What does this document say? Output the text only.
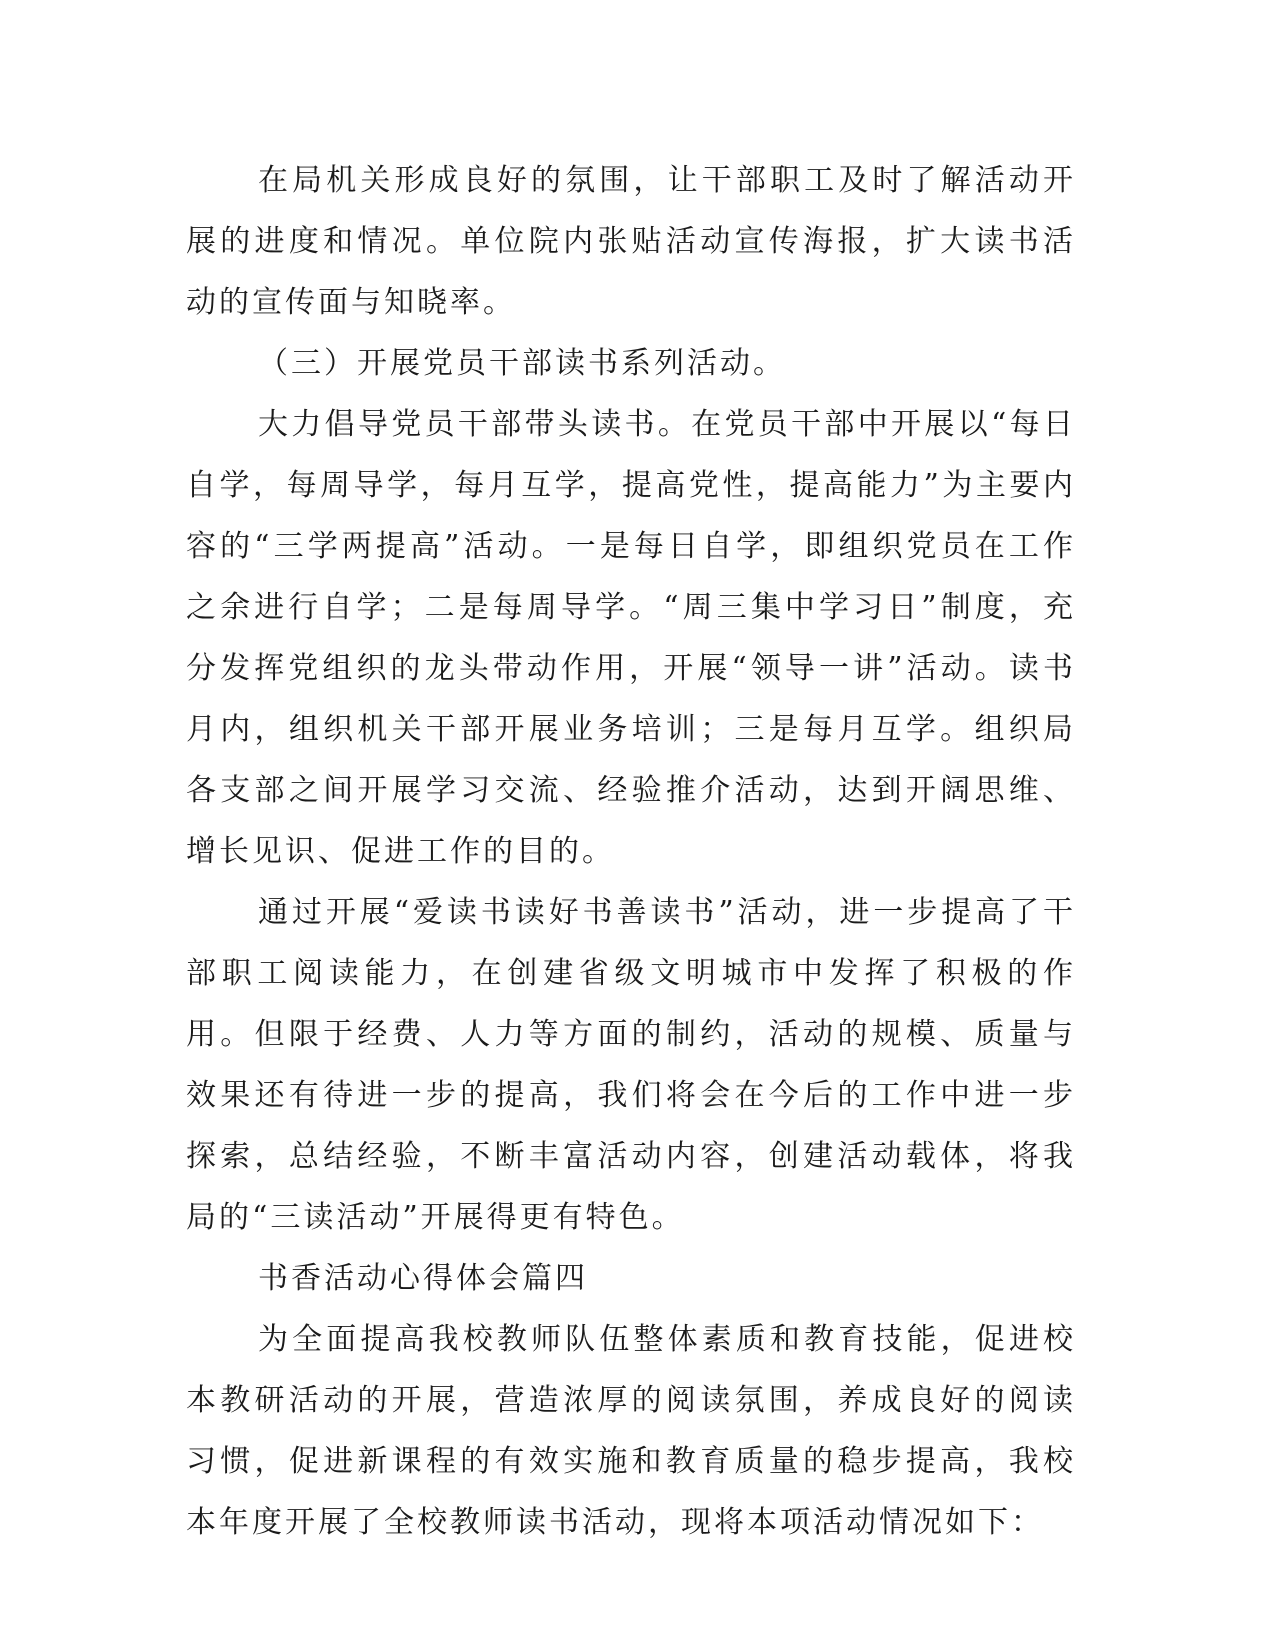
在局机关形成良好的氛围，让干部职工及时了解活动开展的进度和情况。单位院内张贴活动宣传海报，扩大读书活动的宣传面与知晓率。

（三）开展党员干部读书系列活动。

大力倡导党员干部带头读书。在党员干部中开展以“每日自学，每周导学，每月互学，提高党性，提高能力”为主要内容的“三学两提高”活动。一是每日自学，即组织党员在工作之余进行自学；二是每周导学。“周三集中学习日”制度，充分发挥党组织的龙头带动作用，开展“领导一讲”活动。读书月内，组织机关干部开展业务培训；三是每月互学。组织局各支部之间开展学习交流、经验推介活动，达到开阔思维、增长见识、促进工作的目的。

通过开展“爱读书读好书善读书”活动，进一步提高了干部职工阅读能力，在创建省级文明城市中发挥了积极的作用。但限于经费、人力等方面的制约，活动的规模、质量与效果还有待进一步的提高，我们将会在今后的工作中进一步探索，总结经验，不断丰富活动内容，创建活动载体，将我局的“三读活动”开展得更有特色。

书香活动心得体会篇四

为全面提高我校教师队伍整体素质和教育技能，促进校本教研活动的开展，营造浓厚的阅读氛围，养成良好的阅读习惯，促进新课程的有效实施和教育质量的稳步提高，我校本年度开展了全校教师读书活动，现将本项活动情况如下：
